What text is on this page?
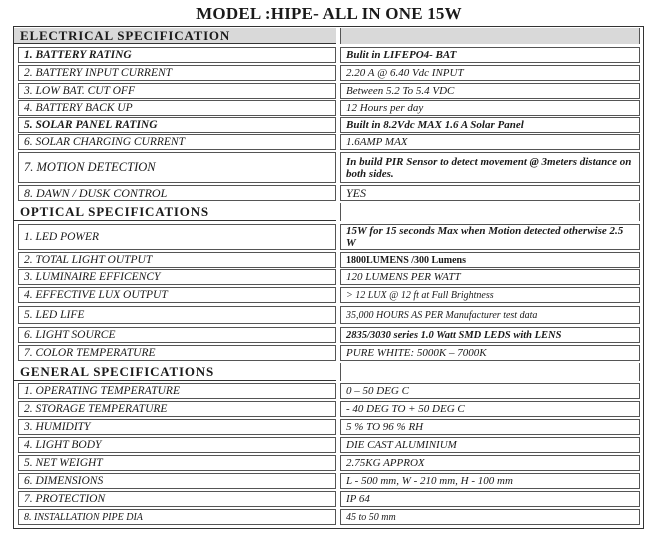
MODEL :HIPE- ALL IN ONE 15W
ELECTRICAL SPECIFICATION
1. BATTERY RATING	Bulit in LIFEPO4- BAT
2. BATTERY INPUT CURRENT	2.20 A @ 6.40 Vdc INPUT
3. LOW BAT. CUT OFF	Between 5.2 To 5.4 VDC
4. BATTERY BACK UP	12 Hours per day
5. SOLAR PANEL RATING	Built in 8.2Vdc MAX 1.6 A Solar Panel
6. SOLAR CHARGING CURRENT	1.6AMP MAX
7. MOTION DETECTION	In build PIR Sensor to detect movement @ 3meters distance on both sides.
8. DAWN / DUSK CONTROL	YES
OPTICAL SPECIFICATIONS
1. LED POWER	15W for 15 seconds Max when Motion detected otherwise 2.5 W
2. TOTAL LIGHT OUTPUT	1800LUMENS /300 Lumens
3. LUMINAIRE EFFICENCY	120 LUMENS PER WATT
4. EFFECTIVE LUX OUTPUT	> 12 LUX @ 12 ft at Full Brightness
5. LED LIFE	35,000 HOURS AS PER Manufacturer test data
6. LIGHT SOURCE	2835/3030 series 1.0 Watt SMD LEDS with LENS
7. COLOR TEMPERATURE	PURE WHITE: 5000K – 7000K
GENERAL SPECIFICATIONS
1. OPERATING TEMPERATURE	0 – 50 DEG C
2. STORAGE TEMPERATURE	- 40 DEG TO + 50 DEG C
3. HUMIDITY	5 % TO 96 % RH
4. LIGHT BODY	DIE CAST ALUMINIUM
5. NET WEIGHT	2.75KG APPROX
6. DIMENSIONS	L - 500 mm, W - 210 mm, H - 100 mm
7. PROTECTION	IP 64
8. INSTALLATION PIPE DIA	45 to 50 mm
